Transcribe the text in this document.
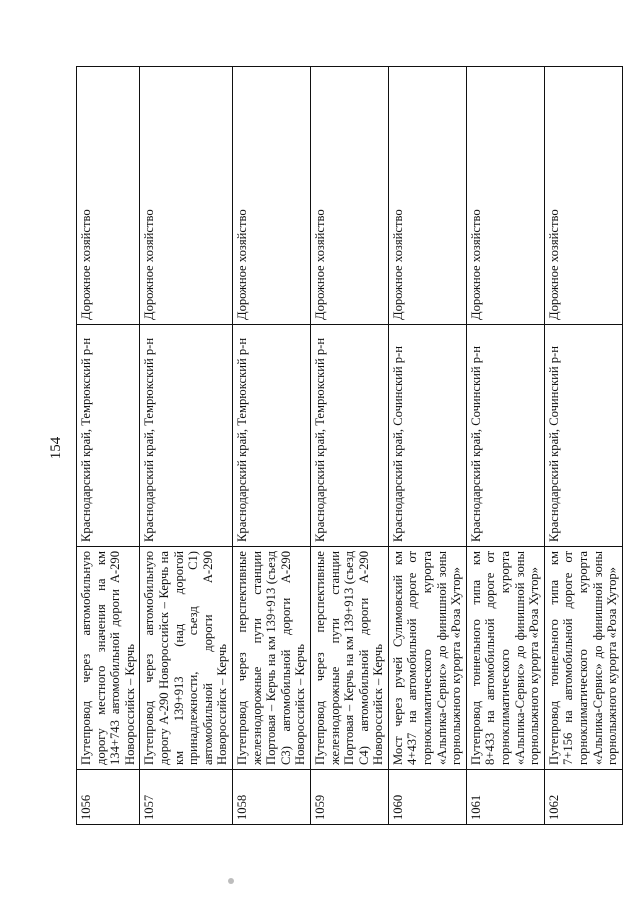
154
1056	Путепровод через автомобильную дорогу местного значения на км 134+743 автомобильной дороги А-290 Новороссийск – Керчь	Краснодарский край, Темрюкский р-н	Дорожное хозяйство
1057	Путепровод через автомобильную дорогу А-290 Новороссийск – Керчь на км 139+913 (над дорогой принадлежности, съезд С1) автомобильной дороги А-290 Новороссийск – Керчь	Краснодарский край, Темрюкский р-н	Дорожное хозяйство
1058	Путепровод через перспективные железнодорожные пути станции Портовая – Керчь на км 139+913 (съезд С3) автомобильной дороги А-290 Новороссийск – Керчь	Краснодарский край, Темрюкский р-н	Дорожное хозяйство
1059	Путепровод через перспективные железнодорожные пути станции Портовая – Керчь на км 139+913 (съезд С4) автомобильной дороги А-290 Новороссийск – Керчь	Краснодарский край, Темрюкский р-н	Дорожное хозяйство
1060	Мост через ручей Сулимовский км 4+437 на автомобильной дороге от горноклиматического курорта «Альпика-Сервис» до финишной зоны горнолыжного курорта «Роза Хутор»	Краснодарский край, Сочинский р-н	Дорожное хозяйство
1061	Путепровод тоннельного типа км 8+433 на автомобильной дороге от горноклиматического курорта «Альпика-Сервис» до финишной зоны горнолыжного курорта «Роза Хутор»	Краснодарский край, Сочинский р-н	Дорожное хозяйство
1062	Путепровод тоннельного типа км 7+156 на автомобильной дороге от горноклиматического курорта «Альпика-Сервис» до финишной зоны горнолыжного курорта «Роза Хутор»	Краснодарский край, Сочинский р-н	Дорожное хозяйство
